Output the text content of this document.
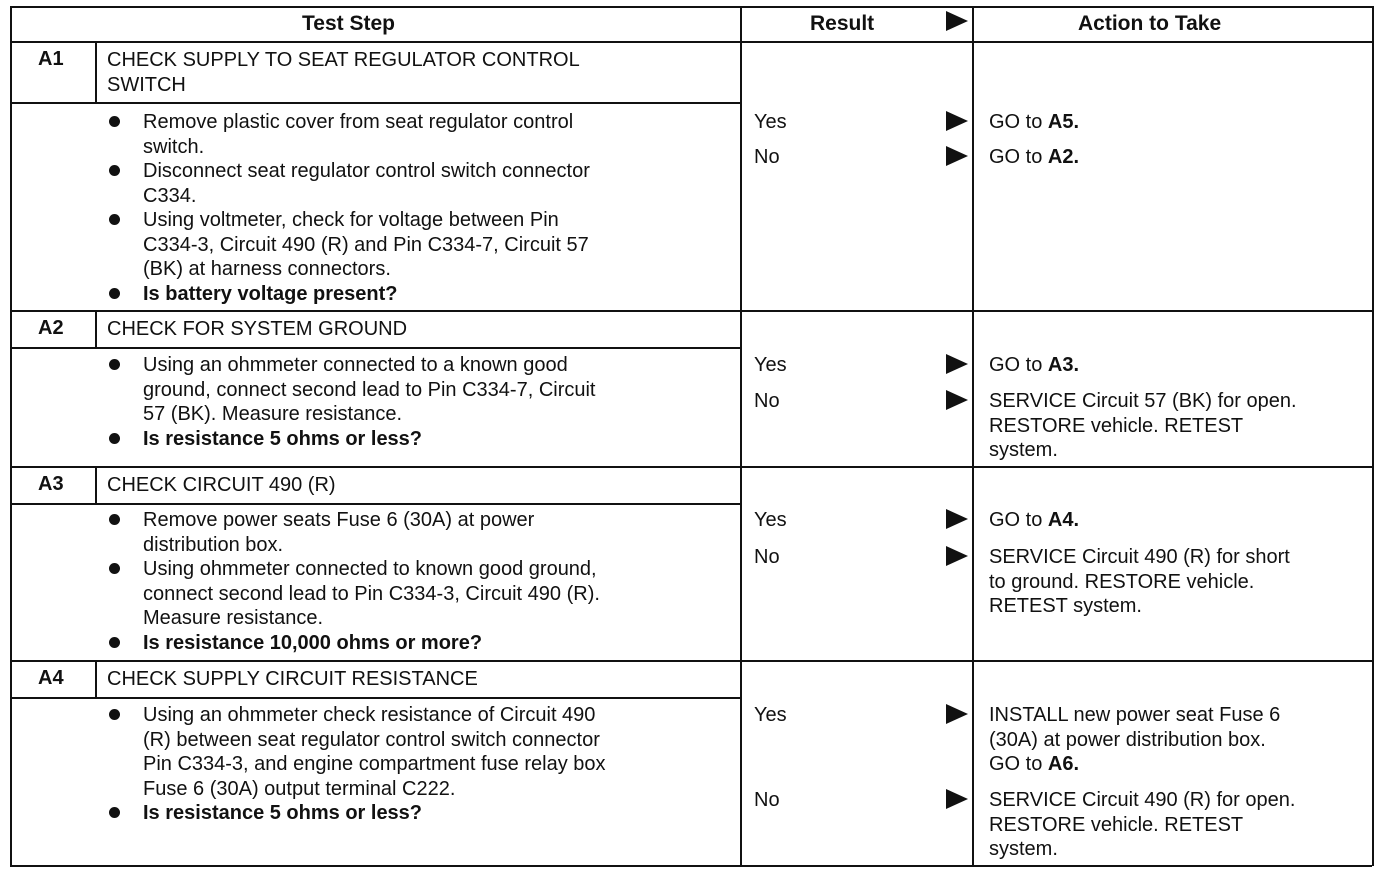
Test Step	Result	Action to Take
A1 CHECK SUPPLY TO SEAT REGULATOR CONTROL
SWITCH
Remove plastic cover from seat regulator control
switch.
Disconnect seat regulator control switch connector
C334.
Using voltmeter, check for voltage between Pin
C334-3, Circuit 490 (R) and Pin C334-7, Circuit 57
(BK) at harness connectors.
Is battery voltage present?
Yes	GO to A5.
No	GO to A2.
A2 CHECK FOR SYSTEM GROUND
Using an ohmmeter connected to a known good
ground, connect second lead to Pin C334-7, Circuit
57 (BK). Measure resistance.
Is resistance 5 ohms or less?
Yes	GO to A3.
No	SERVICE Circuit 57 (BK) for open.
RESTORE vehicle. RETEST
system.
A3 CHECK CIRCUIT 490 (R)
Remove power seats Fuse 6 (30A) at power
distribution box.
Using ohmmeter connected to known good ground,
connect second lead to Pin C334-3, Circuit 490 (R).
Measure resistance.
Is resistance 10,000 ohms or more?
Yes	GO to A4.
No	SERVICE Circuit 490 (R) for short
to ground. RESTORE vehicle.
RETEST system.
A4 CHECK SUPPLY CIRCUIT RESISTANCE
Using an ohmmeter check resistance of Circuit 490
(R) between seat regulator control switch connector
Pin C334-3, and engine compartment fuse relay box
Fuse 6 (30A) output terminal C222.
Is resistance 5 ohms or less?
Yes	INSTALL new power seat Fuse 6
(30A) at power distribution box.
GO to A6.
No	SERVICE Circuit 490 (R) for open.
RESTORE vehicle. RETEST
system.
